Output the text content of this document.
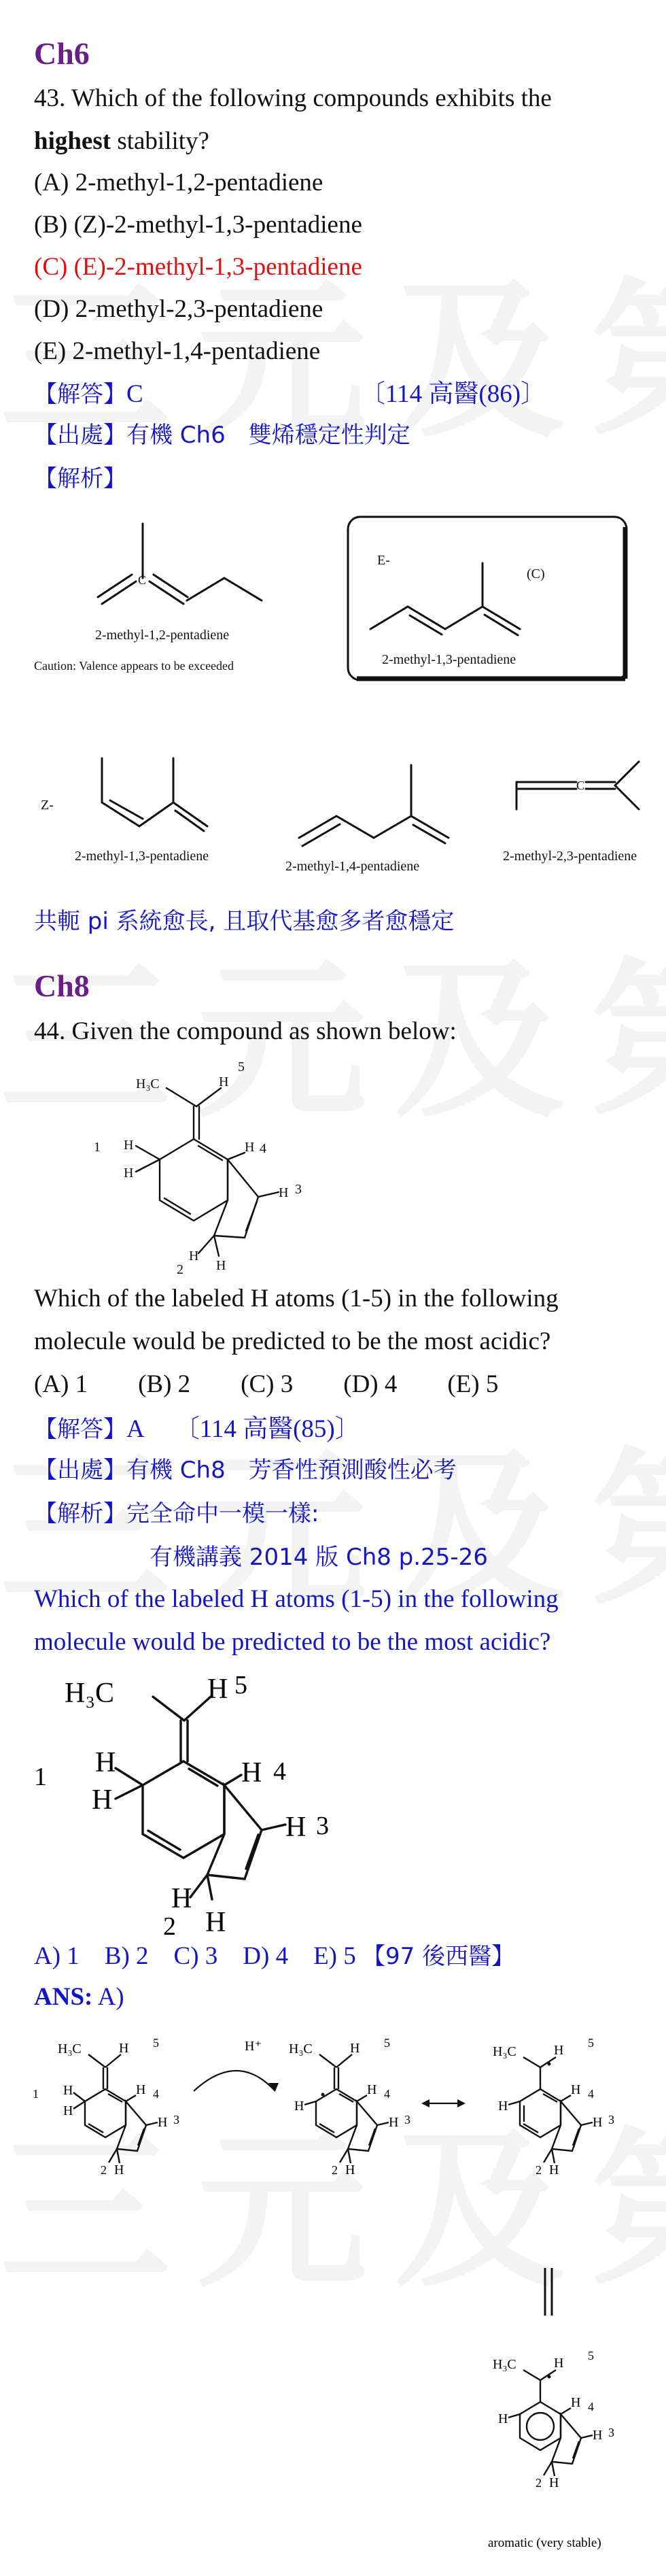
Ch6
43. Which of the following compounds exhibits the
highest stability?
(A) 2-methyl-1,2-pentadiene
(B) (Z)-2-methyl-1,3-pentadiene
(C) (E)-2-methyl-1,3-pentadiene
(D) 2-methyl-2,3-pentadiene
(E) 2-methyl-1,4-pentadiene
【解答】C	〔114 高醫(86)〕
【出處】有機 Ch6　雙烯穩定性判定
【解析】
C
2-methyl-1,2-pentadiene
Caution: Valence appears to be exceeded
E-
(C)
2-methyl-1,3-pentadiene
Z-
2-methyl-1,3-pentadiene
2-methyl-1,4-pentadiene
C
2-methyl-2,3-pentadiene
共軛 pi 系統愈長, 且取代基愈多者愈穩定
Ch8
44. Given the compound as shown below:
H₃C	H
5
H 4
H 3
1 H
H
H
2 H
Which of the labeled H atoms (1-5) in the following molecule would be predicted to be the most acidic?
(A) 1　　(B) 2　　(C) 3　　(D) 4　　(E) 5
【解答】A 〔114 高醫(85)〕
【出處】有機 Ch8　芳香性預測酸性必考
【解析】完全命中一模一樣:
有機講義 2014 版 Ch8 p.25-26
Which of the labeled H atoms (1-5) in the following molecule would be predicted to be the most acidic?
H₃C	H 5
H 4
H 3
1 H
H
H
2 H
A) 1　B) 2　C) 3　D) 4　E) 5 【97 後西醫】
ANS: A)
H₃C	H 5
H 4
H 3
1 H
H
2 H
H⁺ H₃C	H 5
H 4
H 3
H
2 H
H₃C	H 5
H 4
H 3
H
2 H
H₃C	H 5
H 4
H 3
H
2 H
aromatic (very stable)
